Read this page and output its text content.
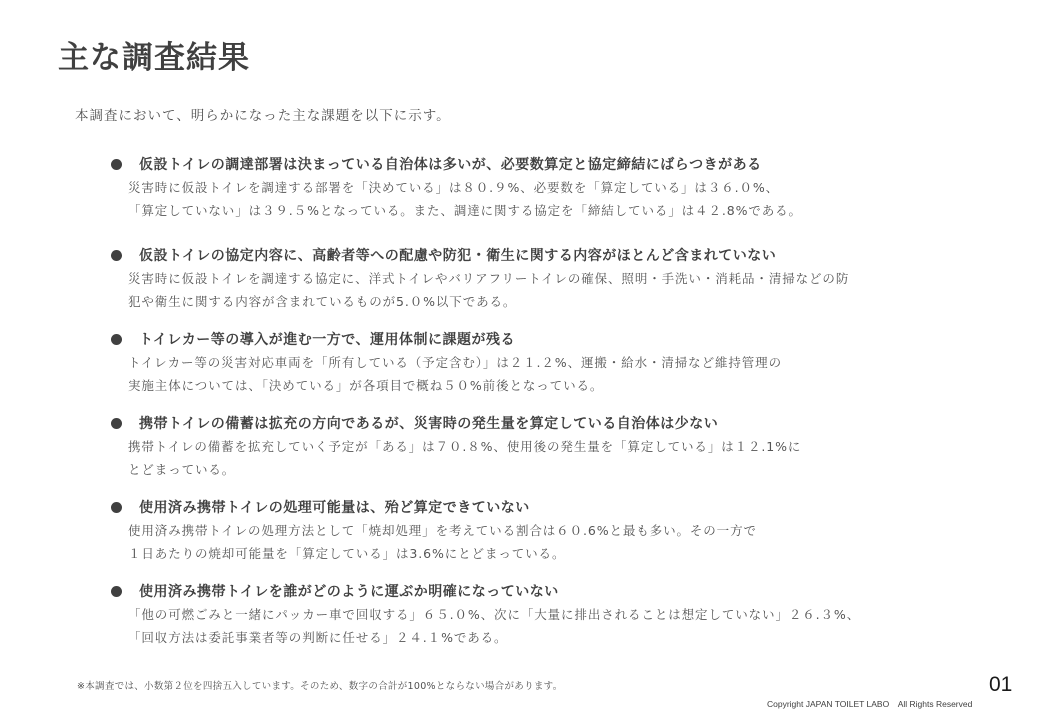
主な調査結果
本調査において、明らかになった主な課題を以下に示す。
仮設トイレの調達部署は決まっている自治体は多いが、必要数算定と協定締結にばらつきがある
災害時に仮設トイレを調達する部署を「決めている」は８０.９%、必要数を「算定している」は３６.０%、
「算定していない」は３９.５%となっている。また、調達に関する協定を「締結している」は４２.8%である。
仮設トイレの協定内容に、高齢者等への配慮や防犯・衛生に関する内容がほとんど含まれていない
災害時に仮設トイレを調達する協定に、洋式トイレやバリアフリートイレの確保、照明・手洗い・消耗品・清掃などの防
犯や衛生に関する内容が含まれているものが5.０%以下である。
トイレカー等の導入が進む一方で、運用体制に課題が残る
トイレカー等の災害対応車両を「所有している（予定含む）」は２１.２%、運搬・給水・清掃など維持管理の
実施主体については、「決めている」が各項目で概ね５０%前後となっている。
携帯トイレの備蓄は拡充の方向であるが、災害時の発生量を算定している自治体は少ない
携帯トイレの備蓄を拡充していく予定が「ある」は７０.８%、使用後の発生量を「算定している」は１２.1%に
とどまっている。
使用済み携帯トイレの処理可能量は、殆ど算定できていない
使用済み携帯トイレの処理方法として「焼却処理」を考えている割合は６０.6%と最も多い。その一方で
１日あたりの焼却可能量を「算定している」は3.6%にとどまっている。
使用済み携帯トイレを誰がどのように運ぶか明確になっていない
「他の可燃ごみと一緒にパッカー車で回収する」６５.０%、次に「大量に排出されることは想定していない」２６.３%、
「回収方法は委託事業者等の判断に任せる」２４.１%である。
※本調査では、小数第２位を四捨五入しています。そのため、数字の合計が100%とならない場合があります。	01
Copyright JAPAN TOILET LABO　All Rights Reserved
